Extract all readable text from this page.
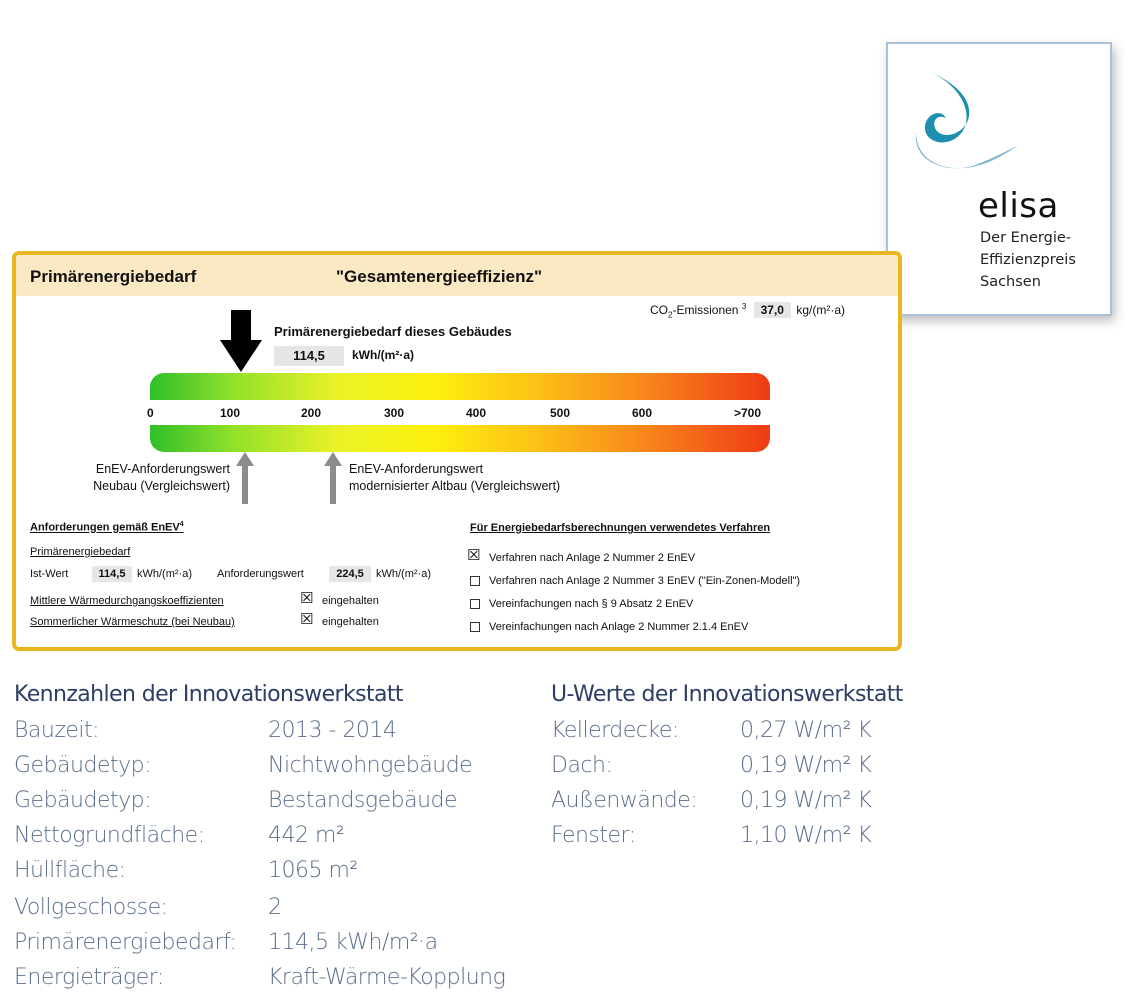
elisa
Der Energie-
Effizienzpreis
Sachsen
Primärenergiebedarf	"Gesamtenergieeffizienz"
$CO_2$-Emissionen $^3$ 37,0 kg/(m²·a)
Primärenergiebedarf dieses Gebäudes
114,5	kWh/(m²·a)
0	100	200	300	400	500	600	>700
EnEV-Anforderungswert
Neubau (Vergleichswert)
EnEV-Anforderungswert
modernisierter Altbau (Vergleichswert)
Anforderungen gemäß EnEV$^4$
Primärenergiebedarf
Ist-Wert	114,5	kWh/(m²·a) Anforderungswert	224,5	kWh/(m²·a)
Mittlere Wärmedurchgangskoeffizienten	☒ eingehalten
Sommerlicher Wärmeschutz (bei Neubau)	☒ eingehalten
Für Energiebedarfsberechnungen verwendetes Verfahren
☒ Verfahren nach Anlage 2 Nummer 2 EnEV
Verfahren nach Anlage 2 Nummer 3 EnEV ("Ein-Zonen-Modell")
Vereinfachungen nach § 9 Absatz 2 EnEV
Vereinfachungen nach Anlage 2 Nummer 2.1.4 EnEV
Kennzahlen der Innovationswerkstatt
Bauzeit:	2013 - 2014
Gebäudetyp:	Nichtwohngebäude
Gebäudetyp:	Bestandsgebäude
Nettogrundfläche:	442 m²
Hüllfläche:	1065 m²
Vollgeschosse:	2
Primärenergiebedarf: 114,5 kWh/m²·a
Energieträger:	Kraft-Wärme-Kopplung
U-Werte der Innovationswerkstatt
Kellerdecke:	0,27 W/m² K
Dach:	0,19 W/m² K
Außenwände: 0,19 W/m² K
Fenster:	1,10 W/m² K
